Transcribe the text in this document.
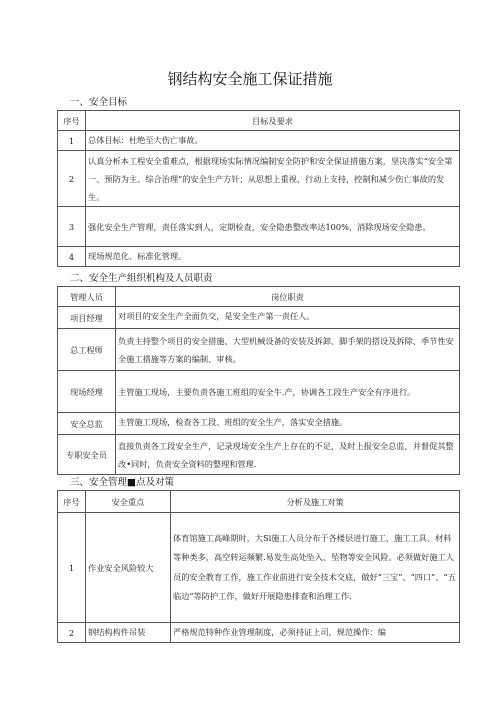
钢结构安全施工保证措施
一、安全目标
序号	目标及要求
1	总体目标：杜绝至大伤亡事故。
2	认真分析本工程安全重难点，根据现场实际情况编制安全防护和安全保证措施方案，坚决落实“安全第一、预防为主、综合治理”的安全生产方针；从思想上重视，行动上支持，控制和减少伤亡事故的发生。
3	强化安全生产管理，责任落实到人，定期检查，安全隐患整改率达100%，消除现场安全隐患。
4	现场规范化、标准化管理。
二、安全生产组织机构及人员职责
管理人员	岗位职责
项目经理	对项目的安全生产全面负交，是安全生产第一责任人。
总工程师	负责主持整个项目的安全措施、大型机械设备的安装及拆卸、脚手架的搭设及拆除、季节性安全施工措施等方案的编制、审核。
现场经理	主管施工现场，主要负责各施工班组的安全牛.产，协调各工段生产安全有序进行。
安全总监	主管施工现场，检查各工段、班组的安全生产，落实安全措施。
专职安全员	直接负责各工段安全生产，记录现场安全生产上存在的不足，及时上报安全总监，并督促其整改•同时，负责安全资料的整理和管理.
三、安全管理■点及对策
序号	安全重点	分析及施工对策
1	作业安全风险较大	体育馆施工高峰期时，大Si施工人员分布于各楼层进行施工，施工工具、材料等种类多，高空转运频繁.易发生高处坠入、坠物等安全风险。必须做好施工人员的安全教育工作，施工作业前进行安全技术交底，做好“三宝”、“四口”、“五临边”等防护工作，做好开展隐患排查和治理工作.
2	钢结构构件吊装	严格规范特种作业管理制度，必须持证上司，规范操作：编
